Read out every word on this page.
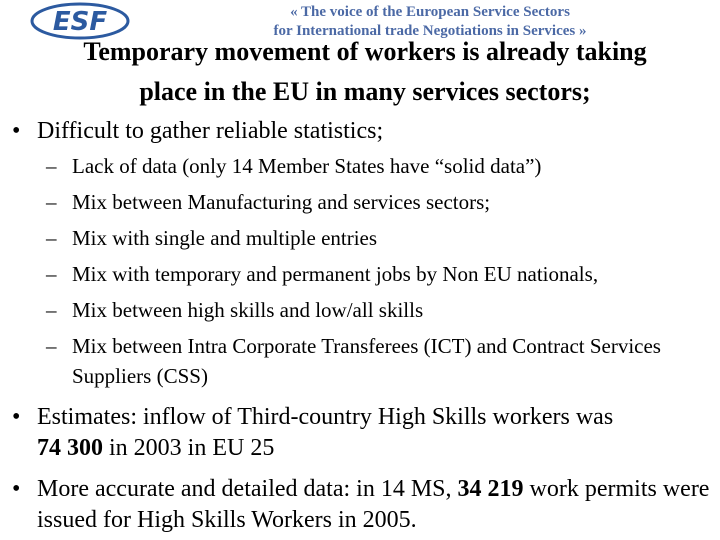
ESF	« The voice of the European Service Sectors
for International trade Negotiations in Services »
Temporary movement of workers is already taking
place in the EU in many services sectors;
• Difficult to gather reliable statistics;
– Lack of data (only 14 Member States have “solid data”)
– Mix between Manufacturing and services sectors;
– Mix with single and multiple entries
– Mix with temporary and permanent jobs by Non EU nationals,
– Mix between high skills and low/all skills
– Mix between Intra Corporate Transferees (ICT) and Contract Services Suppliers (CSS)
• Estimates: inflow of Third-country High Skills workers was
74 300 in 2003 in EU 25
• More accurate and detailed data: in 14 MS, 34 219 work permits were issued for High Skills Workers in 2005.
